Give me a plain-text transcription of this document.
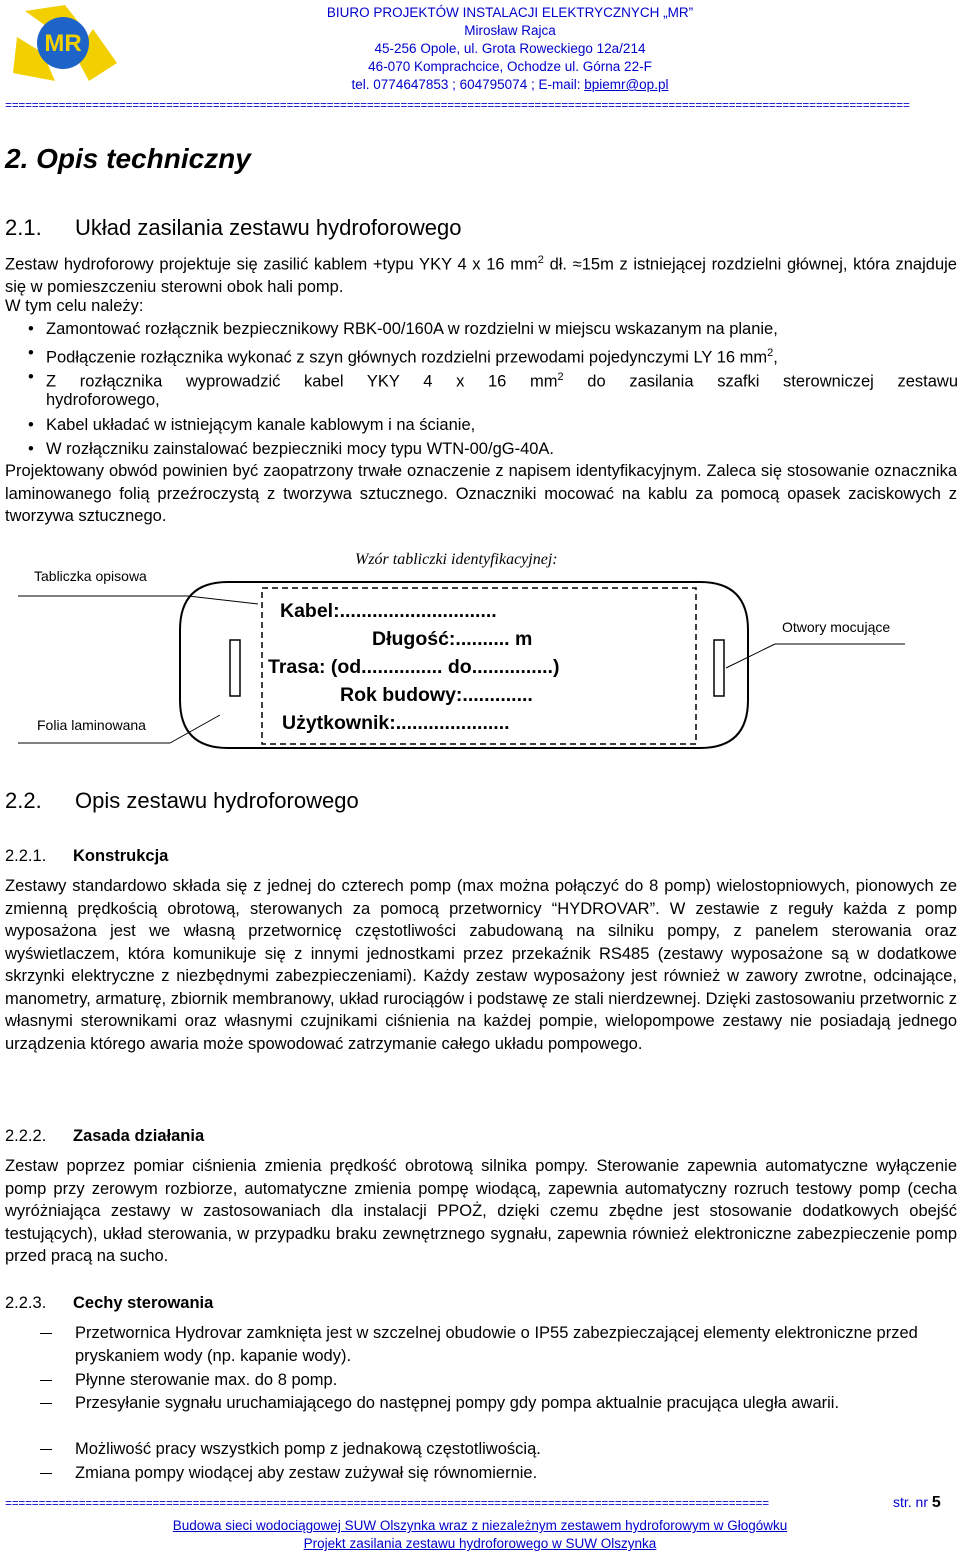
MR
BIURO PROJEKTÓW INSTALACJI ELEKTRYCZNYCH „MR”
Mirosław Rajca
45-256 Opole, ul. Grota Roweckiego 12a/214
46-070 Komprachcice, Ochodze ul. Górna 22-F
tel. 0774647853 ; 604795074 ; E-mail: bpiemr@op.pl
=======================================================================================================================================
2. Opis techniczny
2.1. Układ zasilania zestawu hydroforowego
Zestaw hydroforowy projektuje się zasilić kablem +typu YKY 4 x 16 $mm^2$ dł. ≈15m z istniejącej rozdzielni głównej, która znajduje się w pomieszczeniu sterowni obok hali pomp.
W tym celu należy:
• Zamontować rozłącznik bezpiecznikowy RBK-00/160A w rozdzielni w miejscu wskazanym na planie,
• Podłączenie rozłącznika wykonać z szyn głównych rozdzielni przewodami pojedynczymi LY 16 $mm^2$,
• Z rozłącznika wyprowadzić kabel YKY 4 x 16 $mm^2$ do zasilania szafki sterowniczej zestawu
hydroforowego,
• Kabel układać w istniejącym kanale kablowym i na ścianie,
• W rozłączniku zainstalować bezpieczniki mocy typu WTN-00/gG-40A.
Projektowany obwód powinien być zaopatrzony trwałe oznaczenie z napisem identyfikacyjnym. Zaleca się stosowanie oznacznika laminowanego folią przeźroczystą z tworzywa sztucznego. Oznaczniki mocować na kablu za pomocą opasek zaciskowych z tworzywa sztucznego.
Wzór tabliczki identyfikacyjnej:
Tabliczka opisowa
Folia laminowana
Otwory mocujące
Kabel:.............................
Długość:.......... m
Trasa: (od............... do...............)
Rok budowy:.............
Użytkownik:.....................
2.2. Opis zestawu hydroforowego
2.2.1. Konstrukcja
Zestawy standardowo składa się z jednej do czterech pomp (max można połączyć do 8 pomp) wielostopniowych, pionowych ze zmienną prędkością obrotową, sterowanych za pomocą przetwornicy “HYDROVAR”. W zestawie z reguły każda z pomp wyposażona jest we własną przetwornicę częstotliwości zabudowaną na silniku pompy, z panelem sterowania oraz wyświetlaczem, która komunikuje się z innymi jednostkami przez przekaźnik RS485 (zestawy wyposażone są w dodatkowe skrzynki elektryczne z niezbędnymi zabezpieczeniami). Każdy zestaw wyposażony jest również w zawory zwrotne, odcinające, manometry, armaturę, zbiornik membranowy, układ rurociągów i podstawę ze stali nierdzewnej. Dzięki zastosowaniu przetwornic z własnymi sterownikami oraz własnymi czujnikami ciśnienia na każdej pompie, wielopompowe zestawy nie posiadają jednego urządzenia którego awaria może spowodować zatrzymanie całego układu pompowego.
2.2.2. Zasada działania
Zestaw poprzez pomiar ciśnienia zmienia prędkość obrotową silnika pompy. Sterowanie zapewnia automatyczne wyłączenie pomp przy zerowym rozbiorze, automatyczne zmienia pompę wiodącą, zapewnia automatyczny rozruch testowy pomp (cecha wyróżniająca zestawy w zastosowaniach dla instalacji PPOŻ, dzięki czemu zbędne jest stosowanie dodatkowych obejść testujących), układ sterowania, w przypadku braku zewnętrznego sygnału, zapewnia również elektroniczne zabezpieczenie pomp przed pracą na sucho.
2.2.3. Cechy sterowania
Przetwornica Hydrovar zamknięta jest w szczelnej obudowie o IP55 zabezpieczającej elementy elektroniczne przed pryskaniem wody (np. kapanie wody).
Płynne sterowanie max. do 8 pomp.
Przesyłanie sygnału uruchamiającego do następnej pompy gdy pompa aktualnie pracująca uległa awarii.
Możliwość pracy wszystkich pomp z jednakową częstotliwością.
Zmiana pompy wiodącej aby zestaw zużywał się równomiernie.
==================================================================================================================	str. nr 5
Budowa sieci wodociągowej SUW Olszynka wraz z niezależnym zestawem hydroforowym w Głogówku
Projekt zasilania zestawu hydroforowego w SUW Olszynka
